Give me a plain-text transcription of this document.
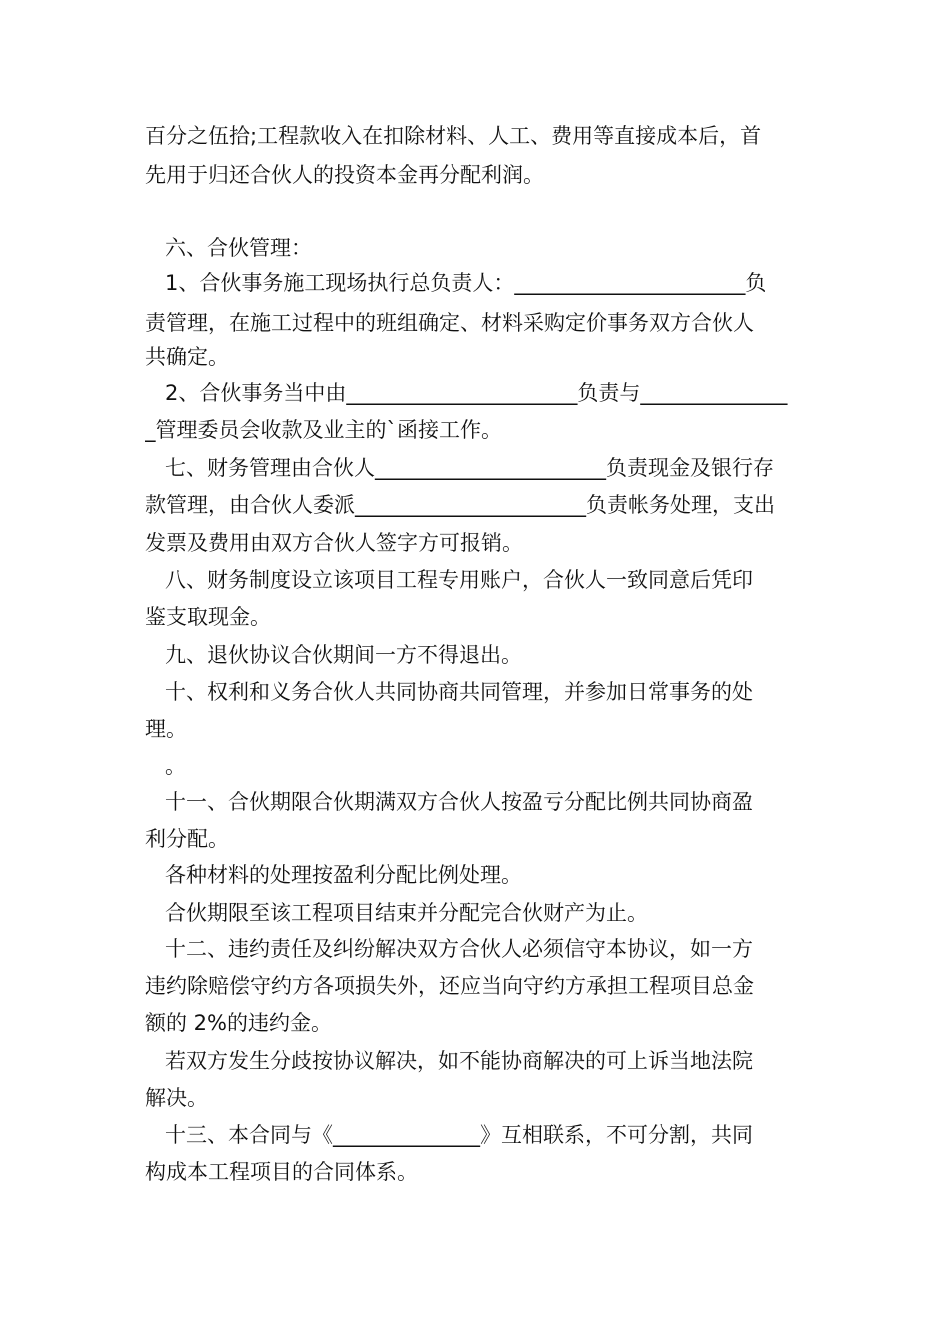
百分之伍拾;工程款收入在扣除材料、人工、费用等直接成本后，首
先用于归还合伙人的投资本金再分配利润。
六、合伙管理：
1、合伙事务施工现场执行总负责人：______________________负
责管理，在施工过程中的班组确定、材料采购定价事务双方合伙人
共确定。
2、合伙事务当中由______________________负责与______________
_管理委员会收款及业主的`函接工作。
七、财务管理由合伙人______________________负责现金及银行存
款管理，由合伙人委派______________________负责帐务处理，支出
发票及费用由双方合伙人签字方可报销。
八、财务制度设立该项目工程专用账户，合伙人一致同意后凭印
鉴支取现金。
九、退伙协议合伙期间一方不得退出。
十、权利和义务合伙人共同协商共同管理，并参加日常事务的处
理。
。
十一、合伙期限合伙期满双方合伙人按盈亏分配比例共同协商盈
利分配。
各种材料的处理按盈利分配比例处理。
合伙期限至该工程项目结束并分配完合伙财产为止。
十二、违约责任及纠纷解决双方合伙人必须信守本协议，如一方
违约除赔偿守约方各项损失外，还应当向守约方承担工程项目总金
额的 2%的违约金。
若双方发生分歧按协议解决，如不能协商解决的可上诉当地法院
解决。
十三、本合同与《______________》互相联系，不可分割，共同
构成本工程项目的合同体系。
